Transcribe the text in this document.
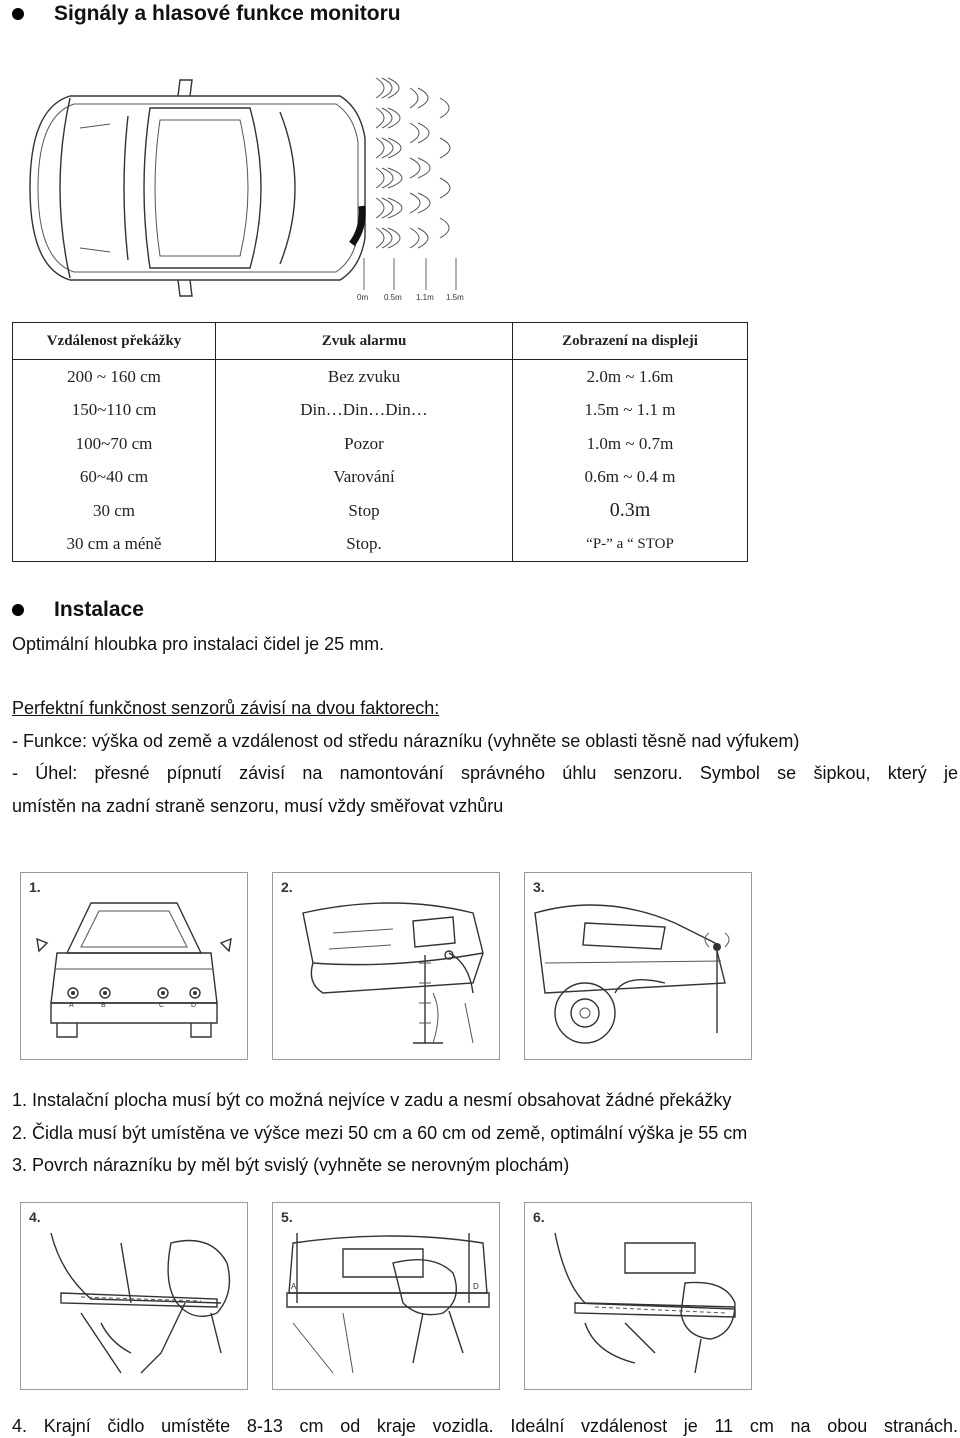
Signály a hlasové funkce monitoru
0m 0.5m 1.1m 1.5m
Vzdálenost překážky	Zvuk alarmu	Zobrazení na displeji
200 ~ 160 cm	Bez zvuku	2.0m ~ 1.6m
150~110 cm	Din…Din…Din…	1.5m ~ 1.1 m
100~70 cm	Pozor	1.0m ~ 0.7m
60~40 cm	Varování	0.6m ~ 0.4 m
30 cm	Stop	0.3m
30 cm a méně	Stop.	“P-” a “ STOP
Instalace
Optimální hloubka pro instalaci čidel je 25 mm.
Perfektní funkčnost senzorů závisí na dvou faktorech:
- Funkce: výška od země a vzdálenost od středu nárazníku (vyhněte se oblasti těsně nad výfukem)
- Úhel: přesné pípnutí závisí na namontování správného úhlu senzoru. Symbol se šipkou, který je
umístěn na zadní straně senzoru, musí vždy směřovat vzhůru
1.
A	B	C	D
2.	3.
1. Instalační plocha musí být co možná nejvíce v zadu a nesmí obsahovat žádné překážky
2. Čidla musí být umístěna ve výšce mezi 50 cm a 60 cm od země, optimální výška je 55 cm
3. Povrch nárazníku by měl být svislý (vyhněte se nerovným plochám)
4.	5.
A	D
6.
4. Krajní čidlo umístěte 8-13 cm od kraje vozidla. Ideální vzdálenost je 11 cm na obou stranách.
